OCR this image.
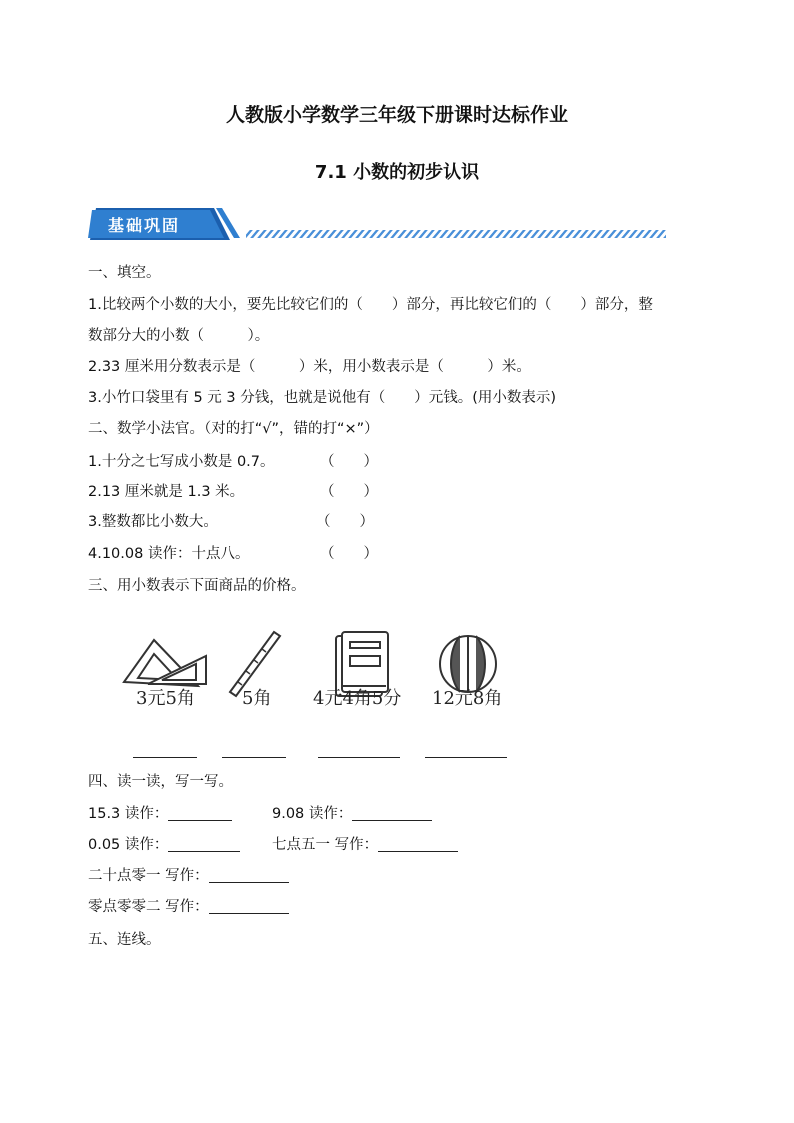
人教版小学数学三年级下册课时达标作业
7.1 小数的初步认识
基础巩固
一、填空。
1.比较两个小数的大小，要先比较它们的（　　）部分，再比较它们的（　　）部分，整
数部分大的小数（　　　）。
2.33 厘米用分数表示是（　　　）米，用小数表示是（　　　）米。
3.小竹口袋里有 5 元 3 分钱，也就是说他有（　　）元钱。(用小数表示)
二、数学小法官。（对的打“√”，错的打“×”）
1.十分之七写成小数是 0.7。	（　　）
2.13 厘米就是 1.3 米。	（　　）
3.整数都比小数大。	（　　）
4.10.08 读作：十点八。	（　　）
三、用小数表示下面商品的价格。
3元5角	5角 4元4角5分 12元8角
四、读一读，写一写。
15.3 读作：	9.08 读作：
0.05 读作：	七点五一 写作：
二十点零一 写作：
零点零零二 写作：
五、连线。
